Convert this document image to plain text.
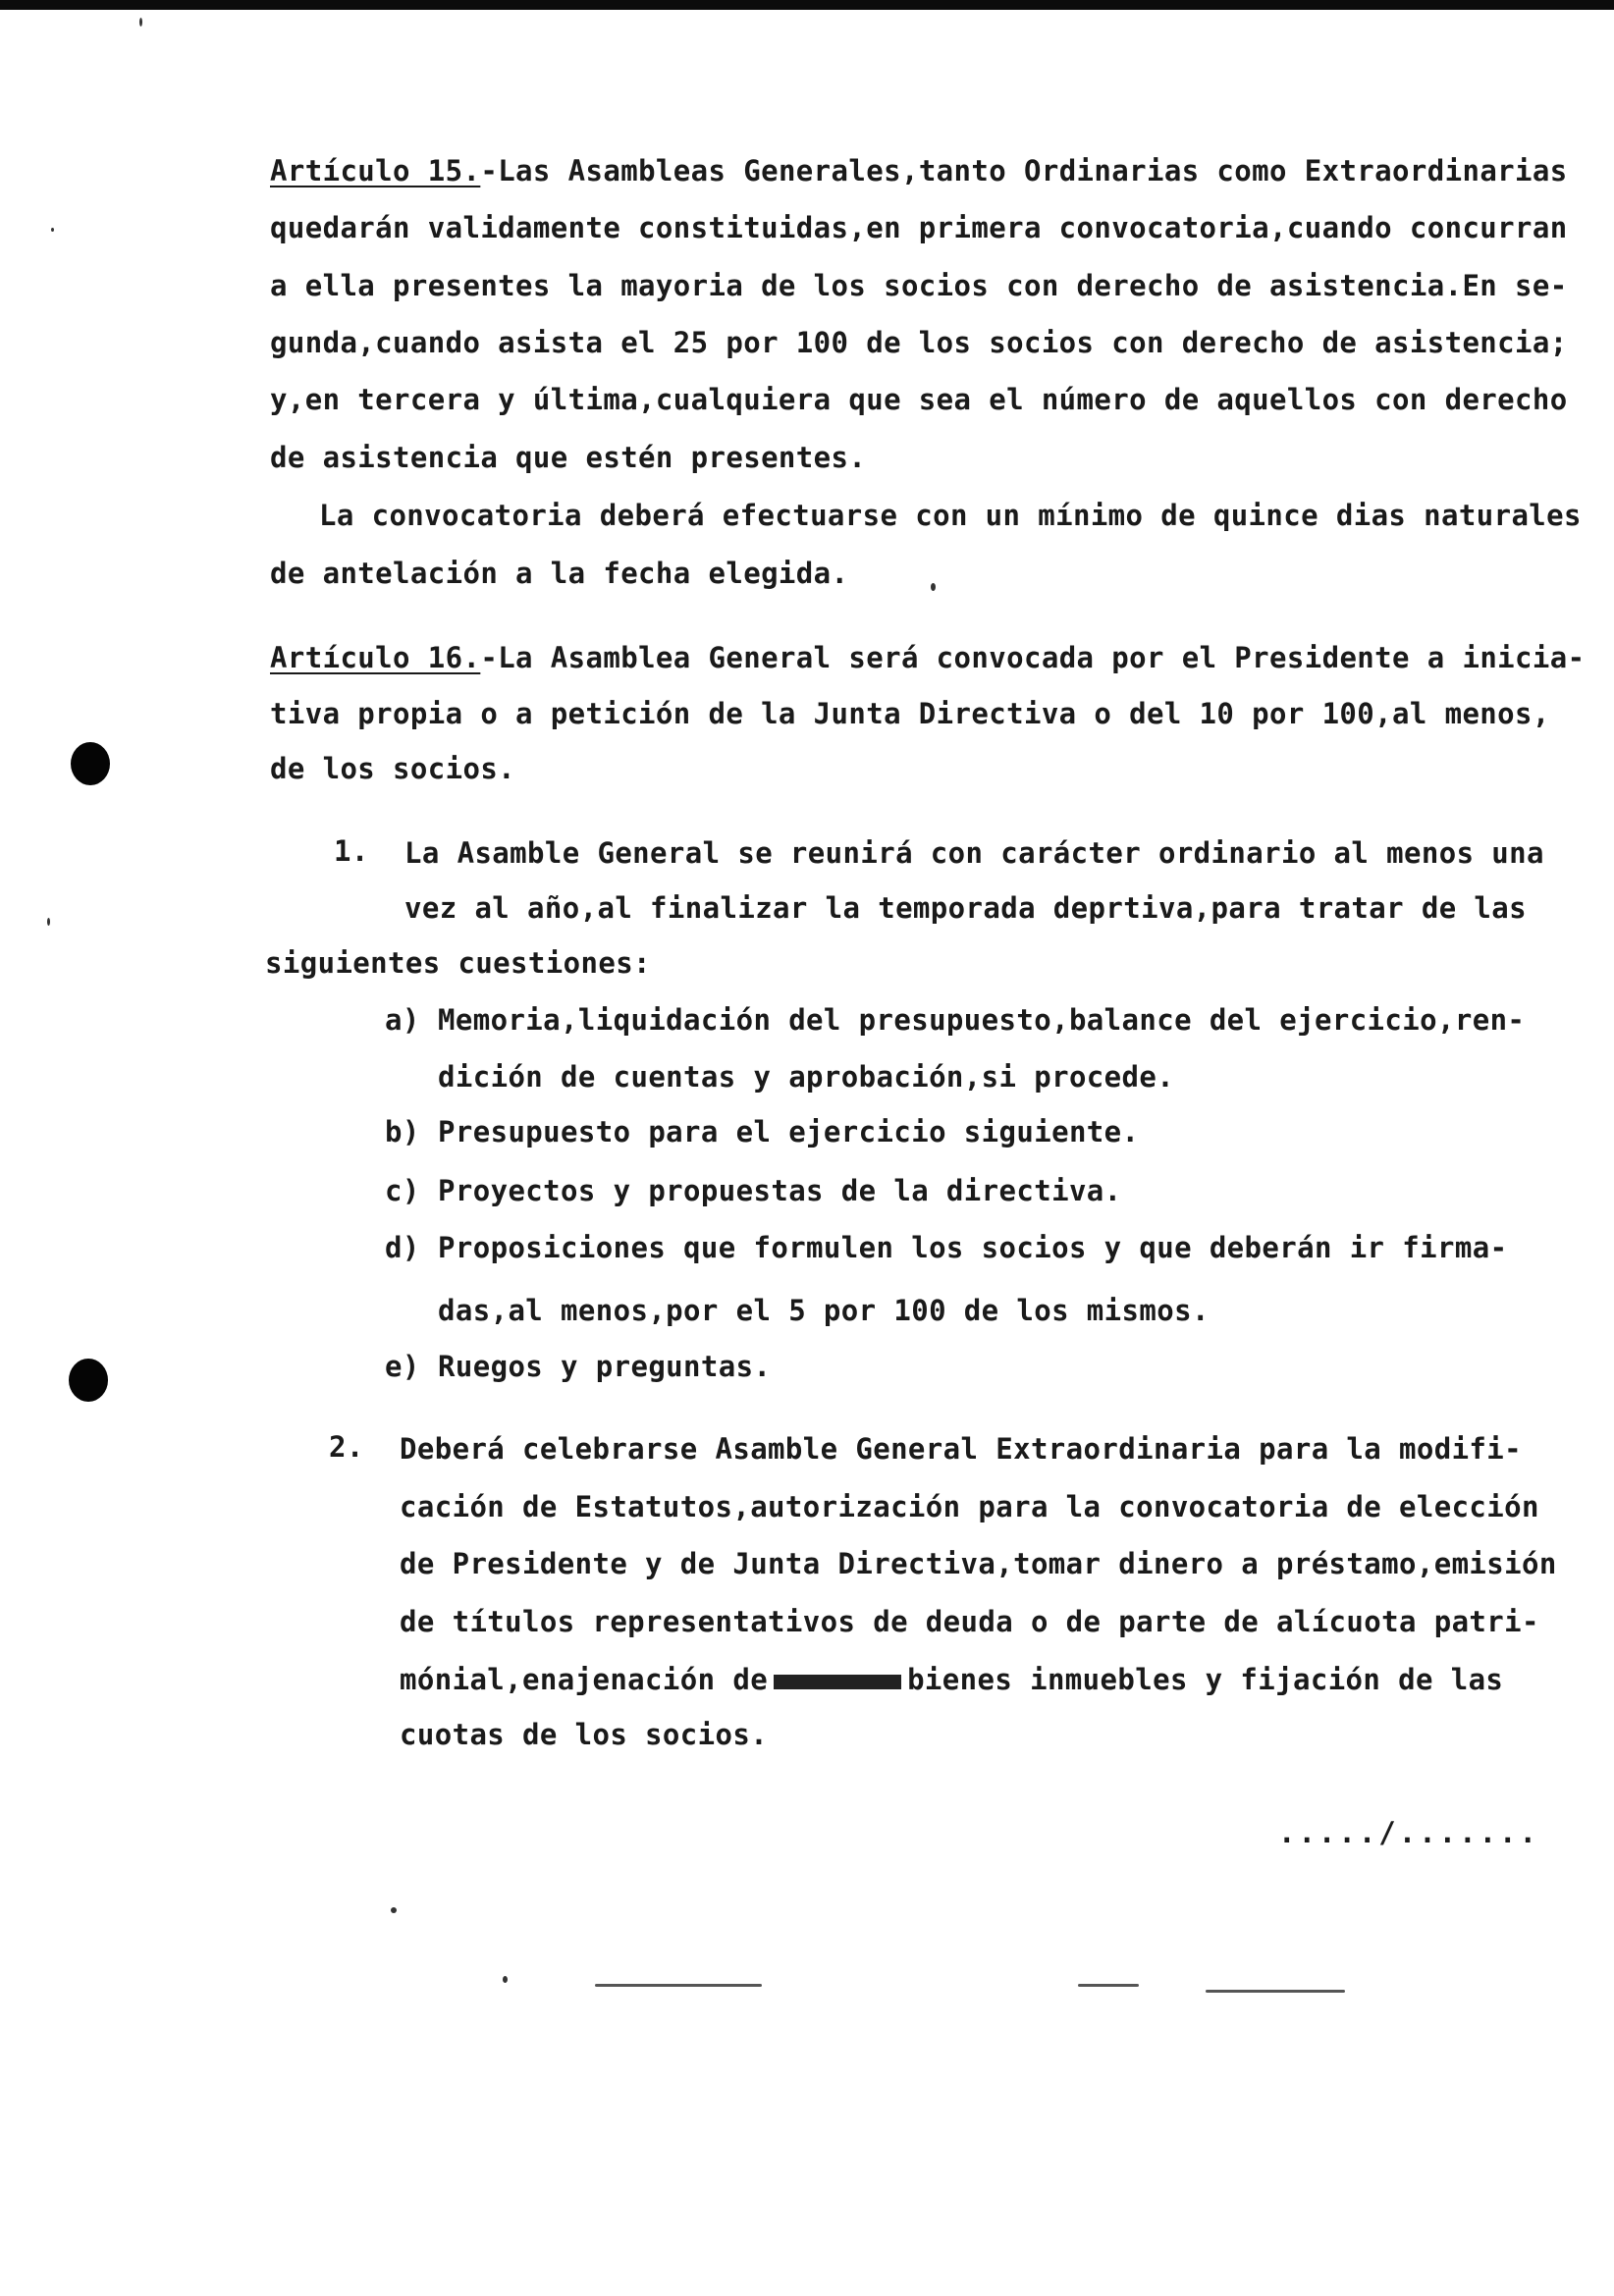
Artículo 15.-Las Asambleas Generales,tanto Ordinarias como Extraordinarias
quedarán validamente constituidas,en primera convocatoria,cuando concurran
a ella presentes la mayoria de los socios con derecho de asistencia.En se-
gunda,cuando asista el 25 por 100 de los socios con derecho de asistencia;
y,en tercera y última,cualquiera que sea el número de aquellos con derecho
de asistencia que estén presentes.
La convocatoria deberá efectuarse con un mínimo de quince dias naturales
de antelación a la fecha elegida.
Artículo 16.-La Asamblea General será convocada por el Presidente a inicia-
tiva propia o a petición de la Junta Directiva o del 10 por 100,al menos,
de los socios.
1. La Asamble General se reunirá con carácter ordinario al menos una
vez al año,al finalizar la temporada deprtiva,para tratar de las
siguientes cuestiones:
a) Memoria,liquidación del presupuesto,balance del ejercicio,ren-
dición de cuentas y aprobación,si procede.
b) Presupuesto para el ejercicio siguiente.
c) Proyectos y propuestas de la directiva.
d) Proposiciones que formulen los socios y que deberán ir firma-
das,al menos,por el 5 por 100 de los mismos.
e) Ruegos y preguntas.
2. Deberá celebrarse Asamble General Extraordinaria para la modifi-
cación de Estatutos,autorización para la convocatoria de elección
de Presidente y de Junta Directiva,tomar dinero a préstamo,emisión
de títulos representativos de deuda o de parte de alícuota patri-
mónial,enajenación de	bienes inmuebles y fijación de las
cuotas de los socios.
...../.......
